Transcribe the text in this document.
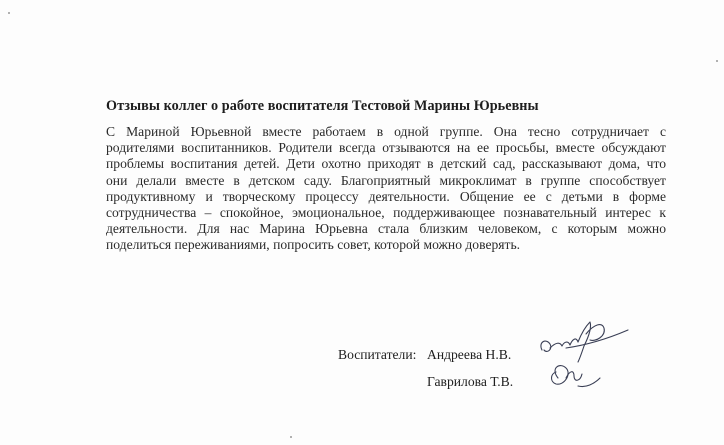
Отзывы коллег о работе воспитателя Тестовой Марины Юрьевны
С Мариной Юрьевной вместе работаем в одной группе. Она тесно сотрудничает с
родителями воспитанников. Родители всегда отзываются на ее просьбы, вместе обсуждают
проблемы воспитания детей. Дети охотно приходят в детский сад, рассказывают дома, что
они делали вместе в детском саду. Благоприятный микроклимат в группе способствует
продуктивному и творческому процессу деятельности. Общение ее с детьми в форме
сотрудничества – спокойное, эмоциональное, поддерживающее познавательный интерес к
деятельности. Для нас Марина Юрьевна стала близким человеком, с которым можно
поделиться переживаниями, попросить совет, которой можно доверять.
Воспитатели: Андреева Н.В.
Гаврилова Т.В.
